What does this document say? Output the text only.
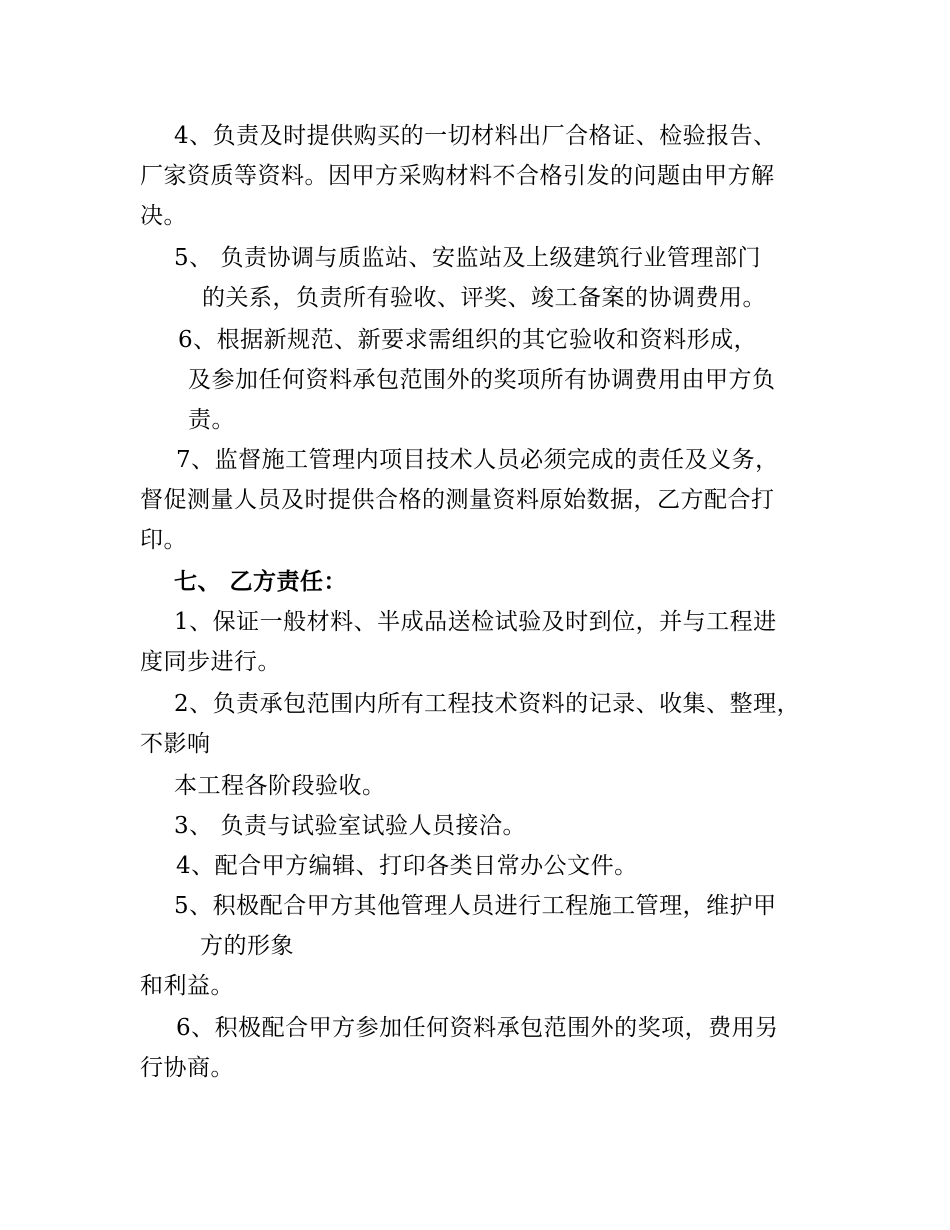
4、负责及时提供购买的一切材料出厂合格证、检验报告、
厂家资质等资料。因甲方采购材料不合格引发的问题由甲方解
决。
5、 负责协调与质监站、安监站及上级建筑行业管理部门
的关系，负责所有验收、评奖、竣工备案的协调费用。
6、根据新规范、新要求需组织的其它验收和资料形成，
及参加任何资料承包范围外的奖项所有协调费用由甲方负
责。
7、监督施工管理内项目技术人员必须完成的责任及义务，
督促测量人员及时提供合格的测量资料原始数据，乙方配合打
印。
七、 乙方责任：
1、保证一般材料、半成品送检试验及时到位，并与工程进
度同步进行。
2、负责承包范围内所有工程技术资料的记录、收集、整理，
不影响
本工程各阶段验收。
3、 负责与试验室试验人员接洽。
4、配合甲方编辑、打印各类日常办公文件。
5、积极配合甲方其他管理人员进行工程施工管理，维护甲
方的形象
和利益。
6、积极配合甲方参加任何资料承包范围外的奖项，费用另
行协商。
